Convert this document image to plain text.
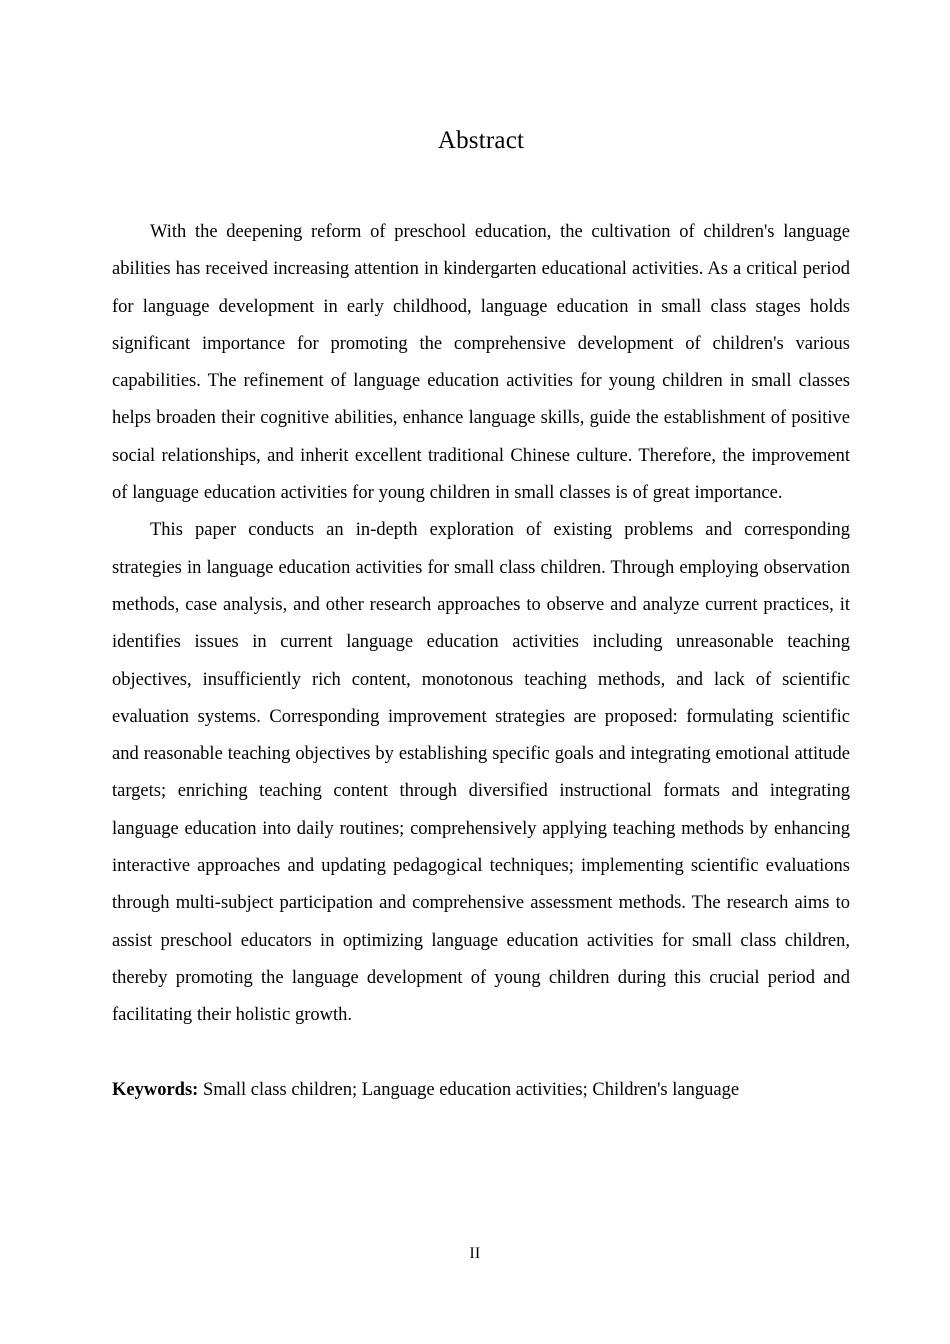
Abstract

With the deepening reform of preschool education, the cultivation of children's language abilities has received increasing attention in kindergarten educational activities. As a critical period for language development in early childhood, language education in small class stages holds significant importance for promoting the comprehensive development of children's various capabilities. The refinement of language education activities for young children in small classes helps broaden their cognitive abilities, enhance language skills, guide the establishment of positive social relationships, and inherit excellent traditional Chinese culture. Therefore, the improvement of language education activities for young children in small classes is of great importance.

This paper conducts an in-depth exploration of existing problems and corresponding strategies in language education activities for small class children. Through employing observation methods, case analysis, and other research approaches to observe and analyze current practices, it identifies issues in current language education activities including unreasonable teaching objectives, insufficiently rich content, monotonous teaching methods, and lack of scientific evaluation systems. Corresponding improvement strategies are proposed: formulating scientific and reasonable teaching objectives by establishing specific goals and integrating emotional attitude targets; enriching teaching content through diversified instructional formats and integrating language education into daily routines; comprehensively applying teaching methods by enhancing interactive approaches and updating pedagogical techniques; implementing scientific evaluations through multi-subject participation and comprehensive assessment methods. The research aims to assist preschool educators in optimizing language education activities for small class children, thereby promoting the language development of young children during this crucial period and facilitating their holistic growth.

Keywords: Small class children; Language education activities; Children's language

II
